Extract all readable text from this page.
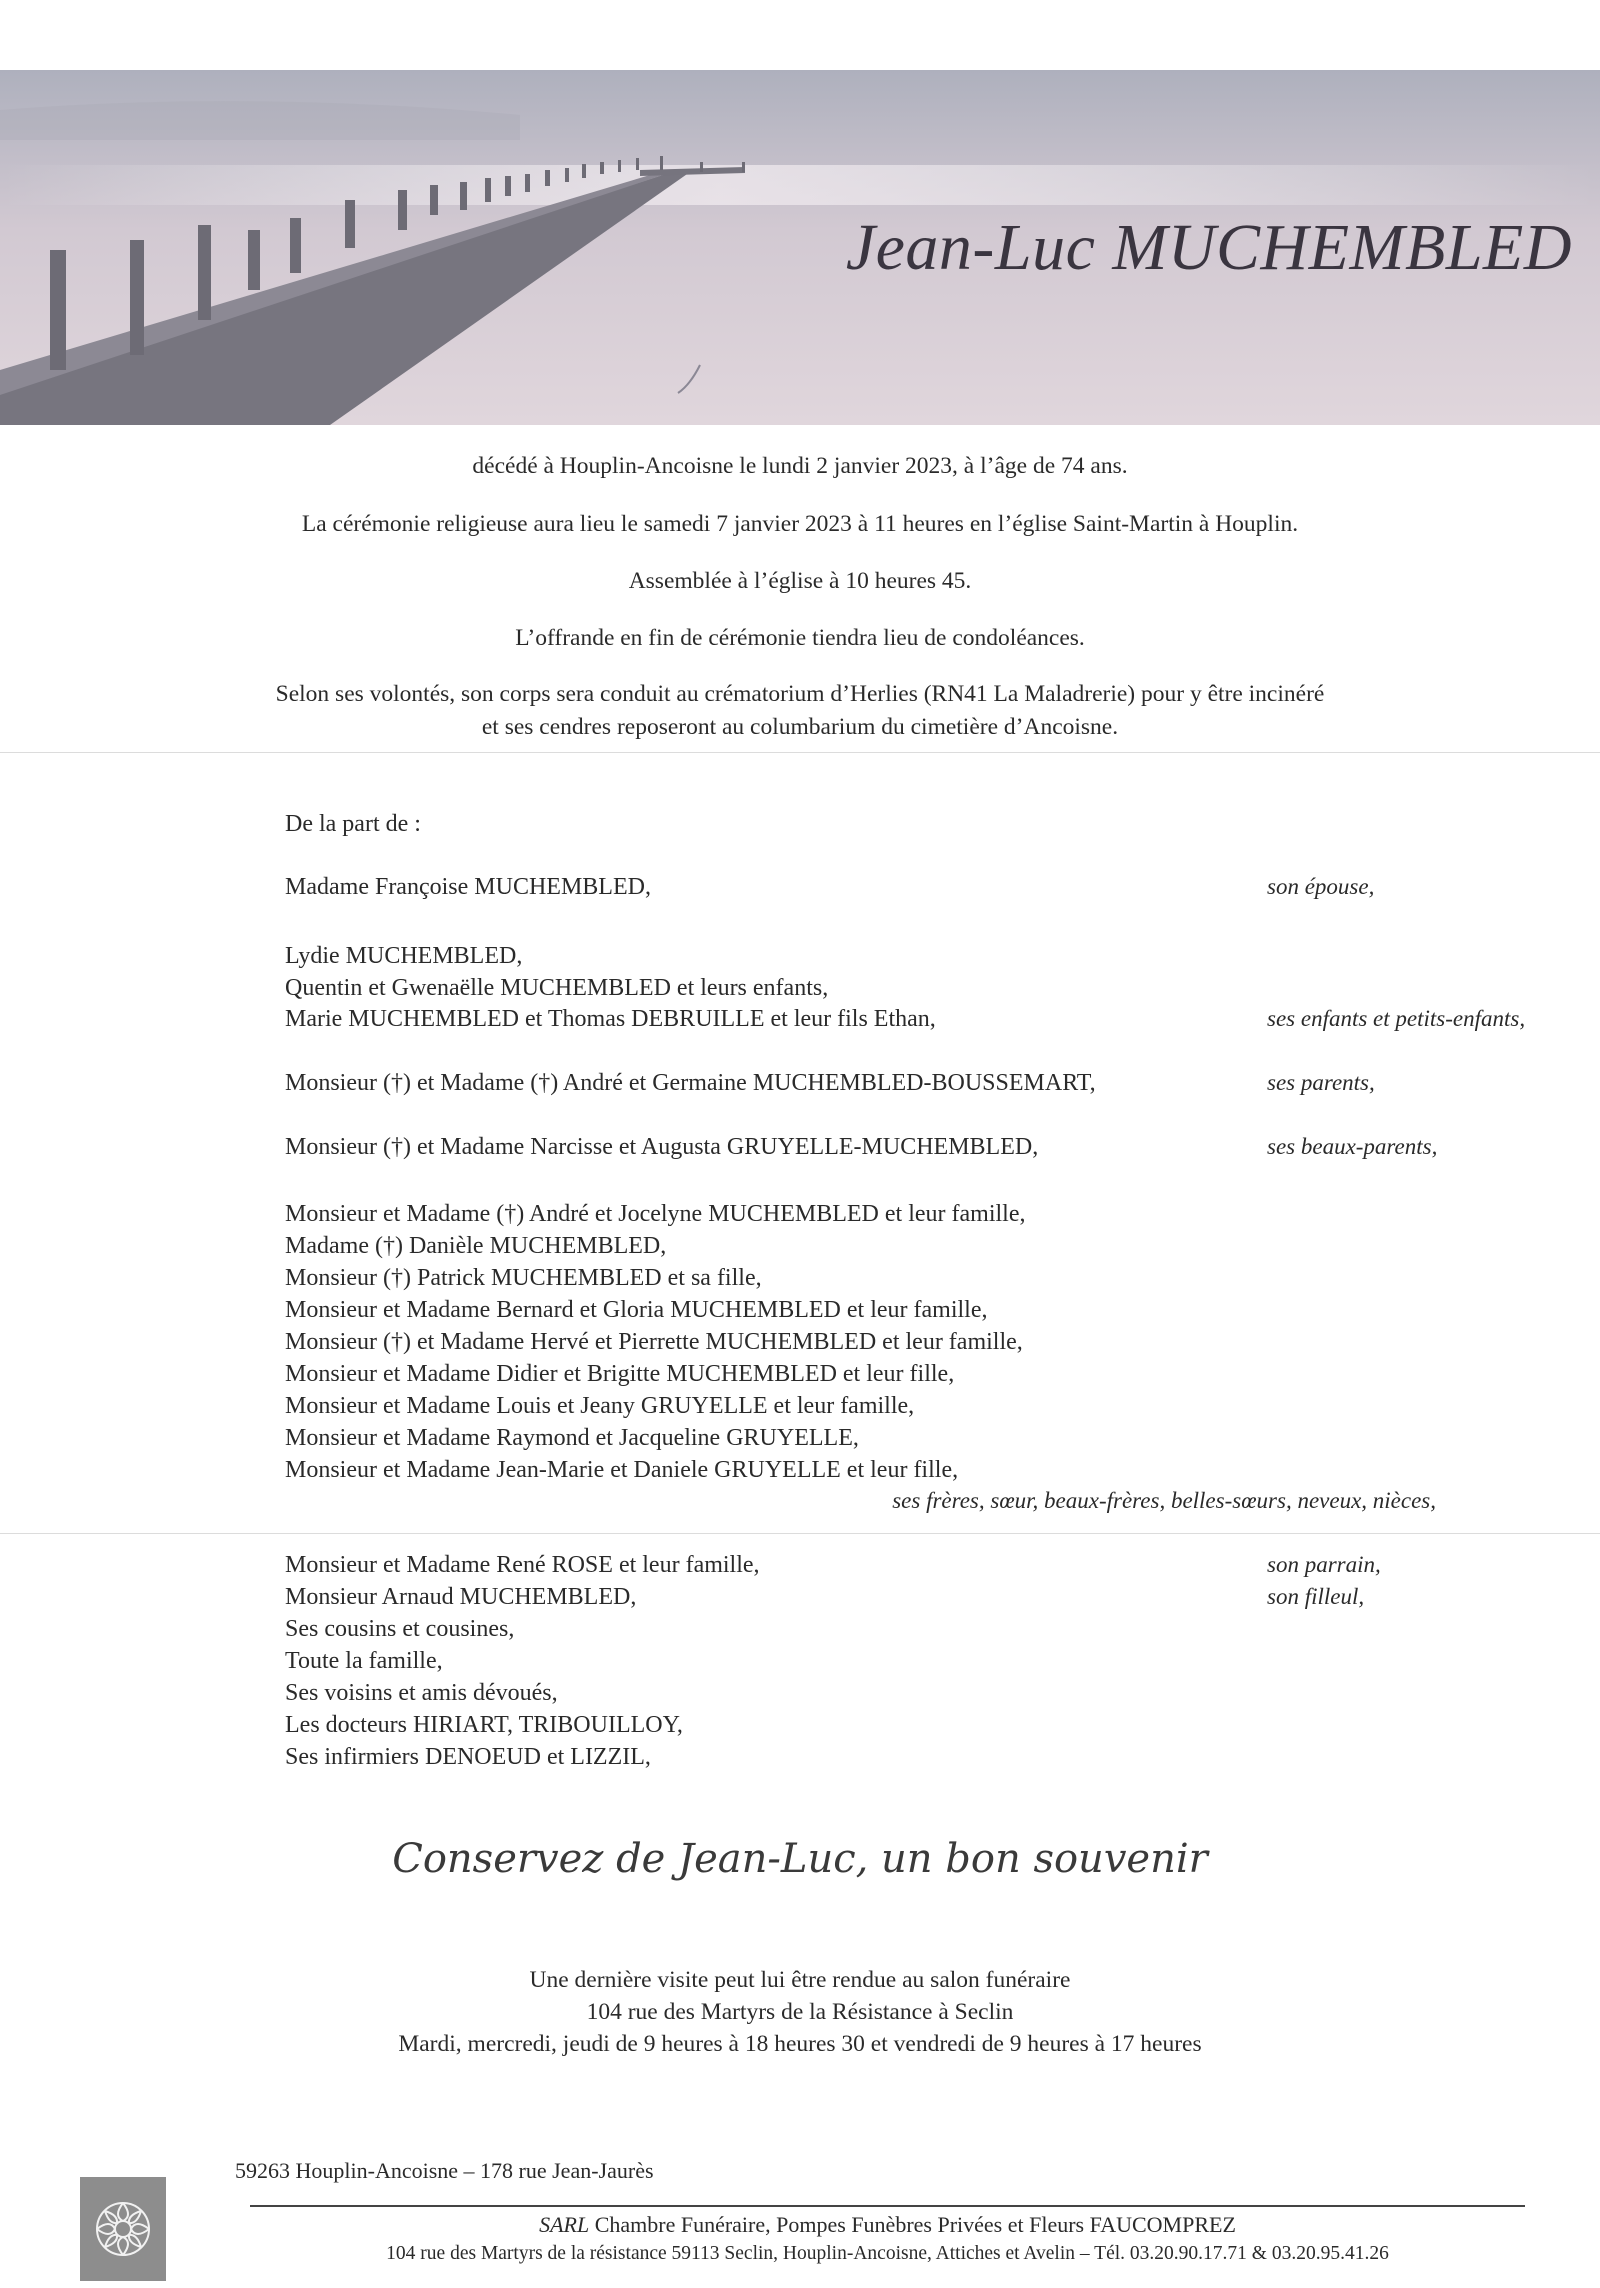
Jean-Luc MUCHEMBLED
décédé à Houplin-Ancoisne le lundi 2 janvier 2023, à l’âge de 74 ans.
La cérémonie religieuse aura lieu le samedi 7 janvier 2023 à 11 heures en l’église Saint-Martin à Houplin.
Assemblée à l’église à 10 heures 45.
L’offrande en fin de cérémonie tiendra lieu de condoléances.
Selon ses volontés, son corps sera conduit au crématorium d’Herlies (RN41 La Maladrerie) pour y être incinéré
et ses cendres reposeront au columbarium du cimetière d’Ancoisne.
De la part de :
Madame Françoise MUCHEMBLED,	son épouse,
Lydie MUCHEMBLED,
Quentin et Gwenaëlle MUCHEMBLED et leurs enfants,
Marie MUCHEMBLED et Thomas DEBRUILLE et leur fils Ethan,	ses enfants et petits-enfants,
Monsieur (†) et Madame (†) André et Germaine MUCHEMBLED-BOUSSEMART,	ses parents,
Monsieur (†) et Madame Narcisse et Augusta GRUYELLE-MUCHEMBLED,	ses beaux-parents,
Monsieur et Madame (†) André et Jocelyne MUCHEMBLED et leur famille,
Madame (†) Danièle MUCHEMBLED,
Monsieur (†) Patrick MUCHEMBLED et sa fille,
Monsieur et Madame Bernard et Gloria MUCHEMBLED et leur famille,
Monsieur (†) et Madame Hervé et Pierrette MUCHEMBLED et leur famille,
Monsieur et Madame Didier et Brigitte MUCHEMBLED et leur fille,
Monsieur et Madame Louis et Jeany GRUYELLE et leur famille,
Monsieur et Madame Raymond et Jacqueline GRUYELLE,
Monsieur et Madame Jean-Marie et Daniele GRUYELLE et leur fille,
ses frères, sœur, beaux-frères, belles-sœurs, neveux, nièces,
Monsieur et Madame René ROSE et leur famille,	son parrain,
Monsieur Arnaud MUCHEMBLED,	son filleul,
Ses cousins et cousines,
Toute la famille,
Ses voisins et amis dévoués,
Les docteurs HIRIART, TRIBOUILLOY,
Ses infirmiers DENOEUD et LIZZIL,
Conservez de Jean-Luc, un bon souvenir
Une dernière visite peut lui être rendue au salon funéraire
104 rue des Martyrs de la Résistance à Seclin
Mardi, mercredi, jeudi de 9 heures à 18 heures 30 et vendredi de 9 heures à 17 heures
59263 Houplin-Ancoisne – 178 rue Jean-Jaurès
SARL Chambre Funéraire, Pompes Funèbres Privées et Fleurs FAUCOMPREZ
104 rue des Martyrs de la résistance 59113 Seclin, Houplin-Ancoisne, Attiches et Avelin – Tél. 03.20.90.17.71 & 03.20.95.41.26
